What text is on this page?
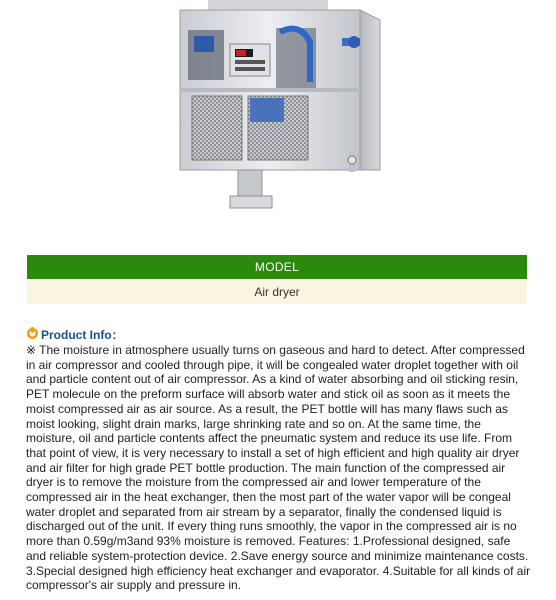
MODEL
Air dryer
Product Info：

※ The moisture in atmosphere usually turns on gaseous and hard to detect. After compressed in air compressor and cooled through pipe, it will be congealed water droplet together with oil and particle content out of air compressor. As a kind of water absorbing and oil sticking resin, PET molecule on the preform surface will absorb water and stick oil as soon as it meets the moist compressed air as air source. As a result, the PET bottle will has many flaws such as moist looking, slight drain marks, large shrinking rate and so on. At the same time, the moisture, oil and particle contents affect the pneumatic system and reduce its use life. From that point of view, it is very necessary to install a set of high efficient and high quality air dryer and air filter for high grade PET bottle production. The main function of the compressed air dryer is to remove the moisture from the compressed air and lower temperature of the compressed air in the heat exchanger, then the most part of the water vapor will be congeal water droplet and separated from air stream by a separator, finally the condensed liquid is discharged out of the unit. If every thing runs smoothly, the vapor in the compressed air is no more than 0.59g/m3and 93% moisture is removed. Features: 1.Professional designed, safe and reliable system-protection device. 2.Save energy source and minimize maintenance costs. 3.Special designed high efficiency heat exchanger and evaporator. 4.Suitable for all kinds of air compressor's air supply and pressure in.
